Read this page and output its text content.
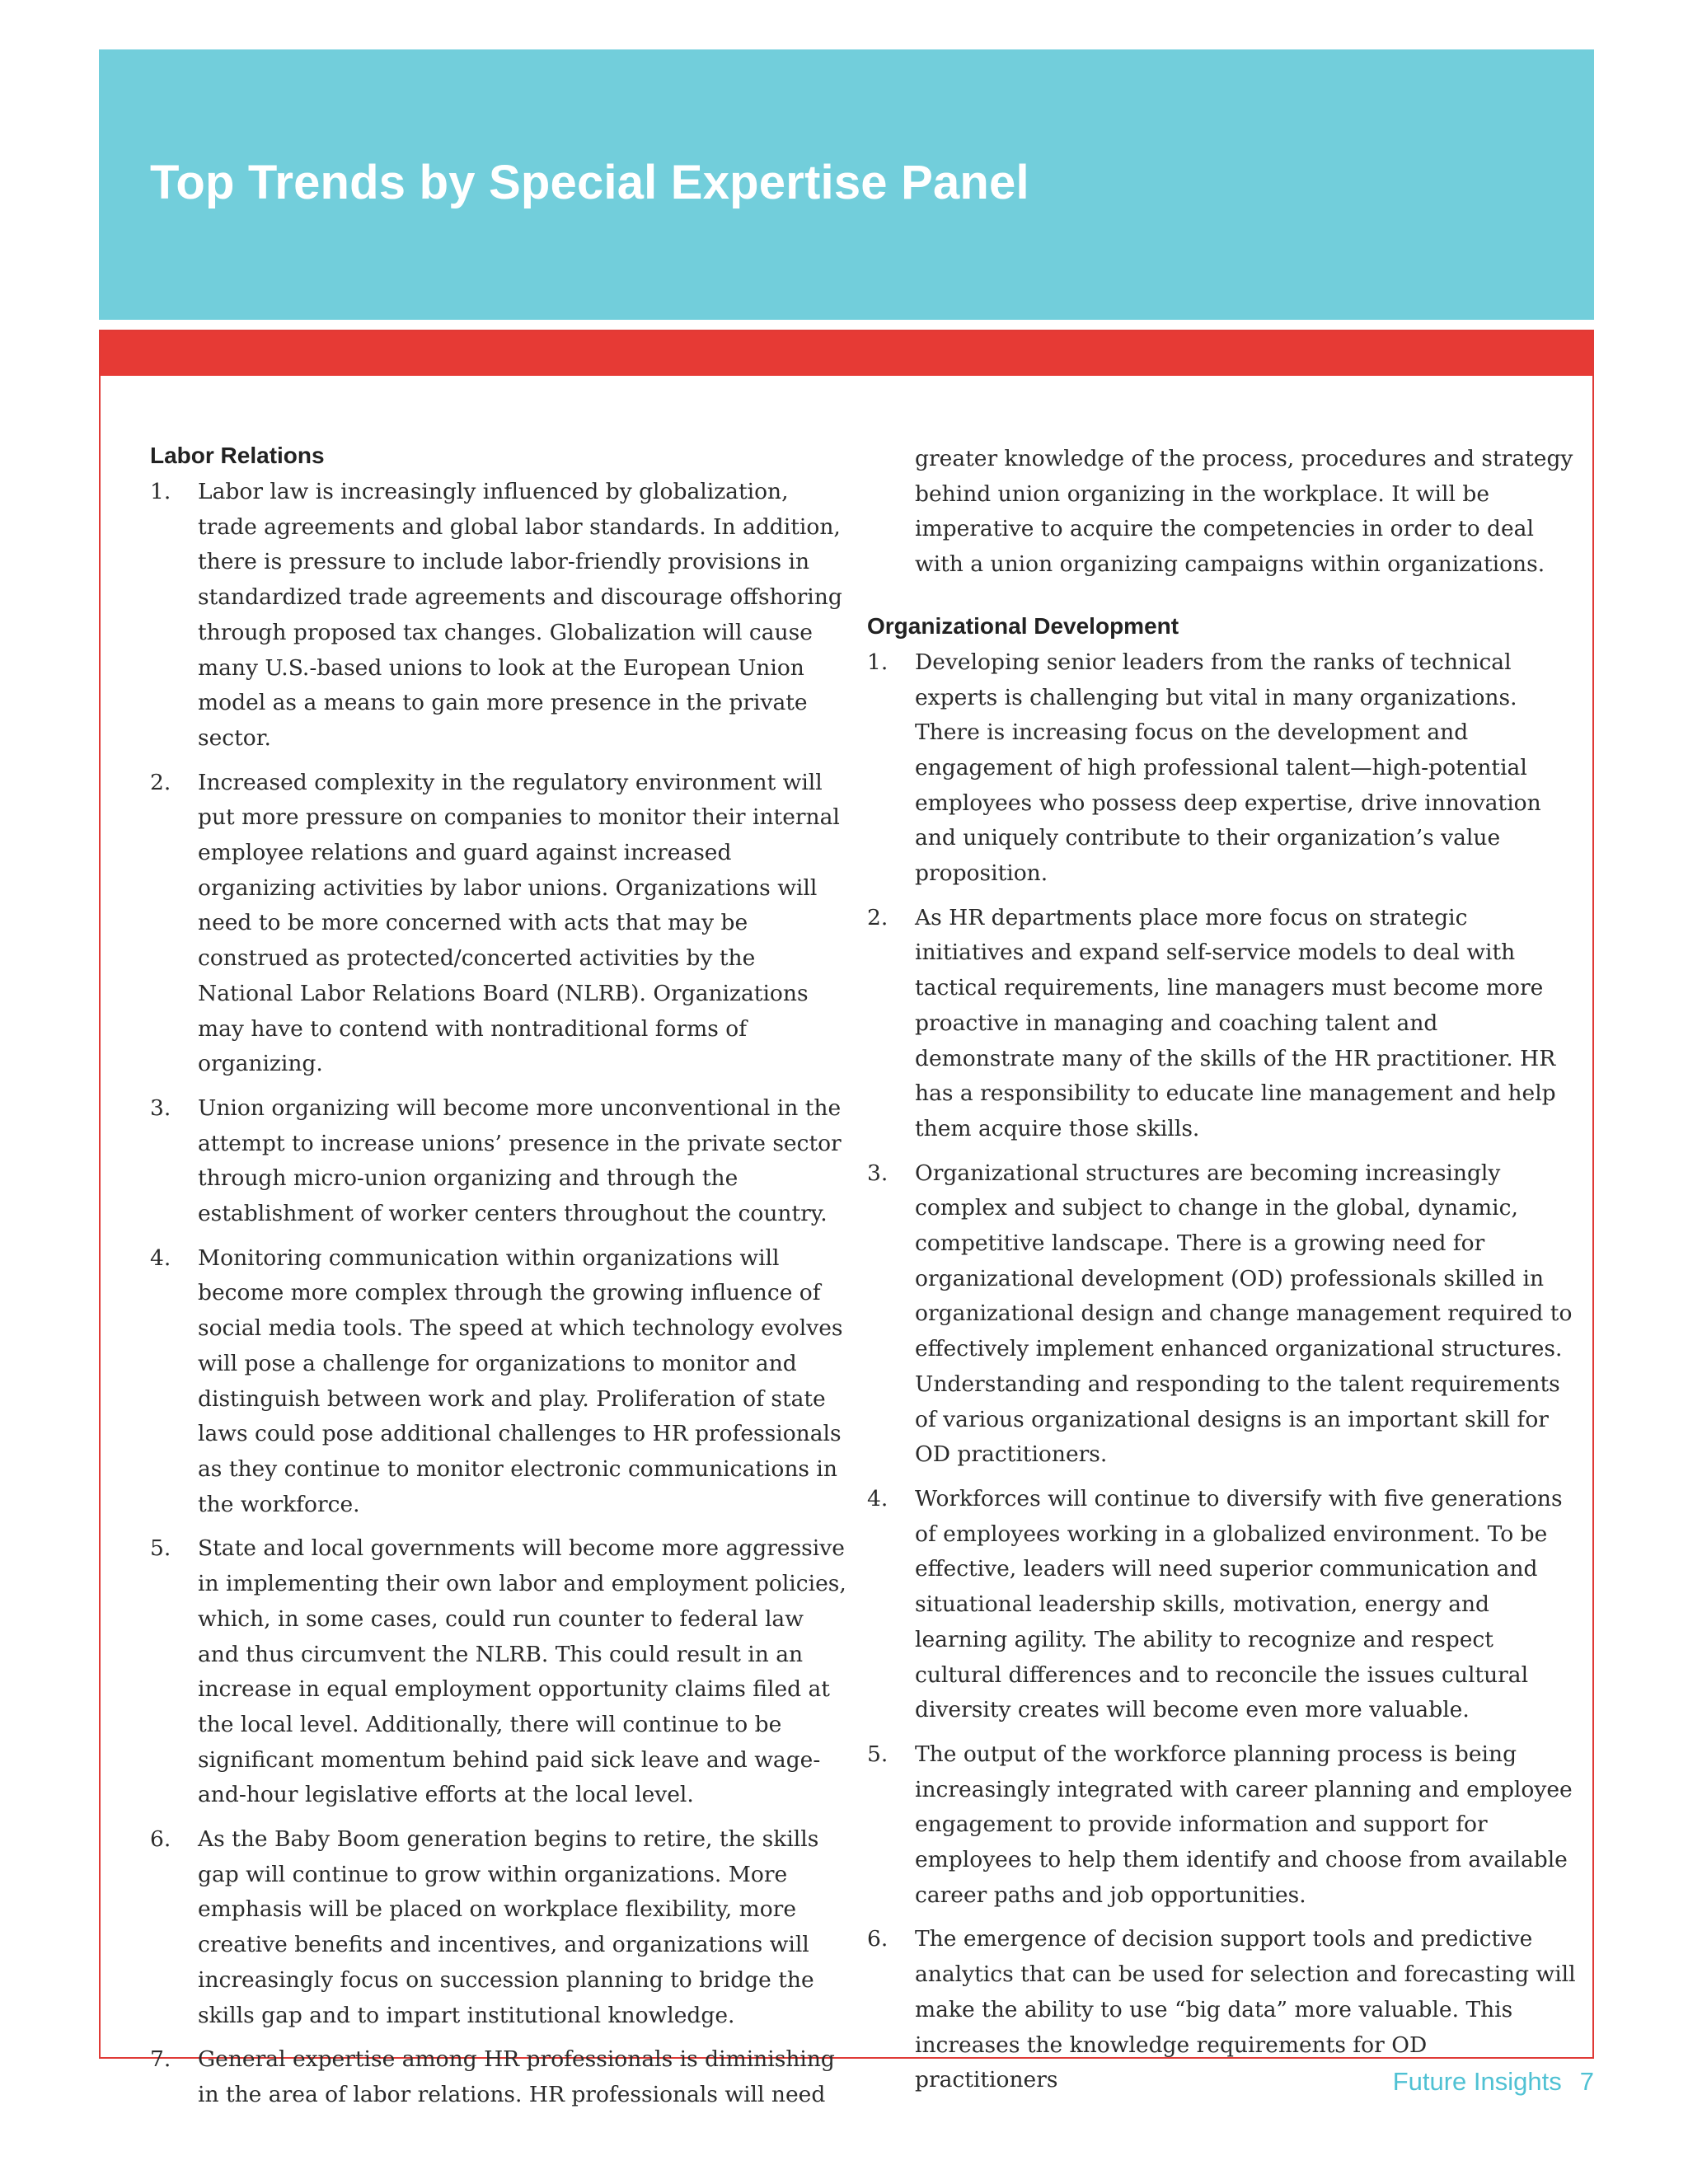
Top Trends by Special Expertise Panel
Labor Relations
1.	Labor law is increasingly influenced by globalization, trade agreements and global labor standards. In addition, there is pressure to include labor-friendly provisions in standardized trade agreements and discourage offshoring through proposed tax changes. Globalization will cause many U.S.-based unions to look at the European Union model as a means to gain more presence in the private sector.
2.	Increased complexity in the regulatory environment will put more pressure on companies to monitor their internal employee relations and guard against increased organizing activities by labor unions. Organizations will need to be more concerned with acts that may be construed as protected/concerted activities by the National Labor Relations Board (NLRB). Organizations may have to contend with nontraditional forms of organizing.
3.	Union organizing will become more unconventional in the attempt to increase unions’ presence in the private sector through micro-union organizing and through the establishment of worker centers throughout the country.
4.	Monitoring communication within organizations will become more complex through the growing influence of social media tools. The speed at which technology evolves will pose a challenge for organizations to monitor and distinguish between work and play. Proliferation of state laws could pose additional challenges to HR professionals as they continue to monitor electronic communications in the workforce.
5.	State and local governments will become more aggressive in implementing their own labor and employment policies, which, in some cases, could run counter to federal law and thus circumvent the NLRB. This could result in an increase in equal employment opportunity claims filed at the local level. Additionally, there will continue to be significant momentum behind paid sick leave and wage-and-hour legislative efforts at the local level.
6.	As the Baby Boom generation begins to retire, the skills gap will continue to grow within organizations. More emphasis will be placed on workplace flexibility, more creative benefits and incentives, and organizations will increasingly focus on succession planning to bridge the skills gap and to impart institutional knowledge.
7.	General expertise among HR professionals is diminishing in the area of labor relations. HR professionals will need

greater knowledge of the process, procedures and strategy behind union organizing in the workplace. It will be imperative to acquire the competencies in order to deal with a union organizing campaigns within organizations.

Organizational Development
1.	Developing senior leaders from the ranks of technical experts is challenging but vital in many organizations. There is increasing focus on the development and engagement of high professional talent—high-potential employees who possess deep expertise, drive innovation and uniquely contribute to their organization’s value proposition.
2.	As HR departments place more focus on strategic initiatives and expand self-service models to deal with tactical requirements, line managers must become more proactive in managing and coaching talent and demonstrate many of the skills of the HR practitioner. HR has a responsibility to educate line management and help them acquire those skills.
3.	Organizational structures are becoming increasingly complex and subject to change in the global, dynamic, competitive landscape. There is a growing need for organizational development (OD) professionals skilled in organizational design and change management required to effectively implement enhanced organizational structures. Understanding and responding to the talent requirements of various organizational designs is an important skill for OD practitioners.
4.	Workforces will continue to diversify with five generations of employees working in a globalized environment. To be effective, leaders will need superior communication and situational leadership skills, motivation, energy and learning agility. The ability to recognize and respect cultural differences and to reconcile the issues cultural diversity creates will become even more valuable.
5.	The output of the workforce planning process is being increasingly integrated with career planning and employee engagement to provide information and support for employees to help them identify and choose from available career paths and job opportunities.
6.	The emergence of decision support tools and predictive analytics that can be used for selection and forecasting will make the ability to use “big data” more valuable. This increases the knowledge requirements for OD practitioners	Future Insights 7
